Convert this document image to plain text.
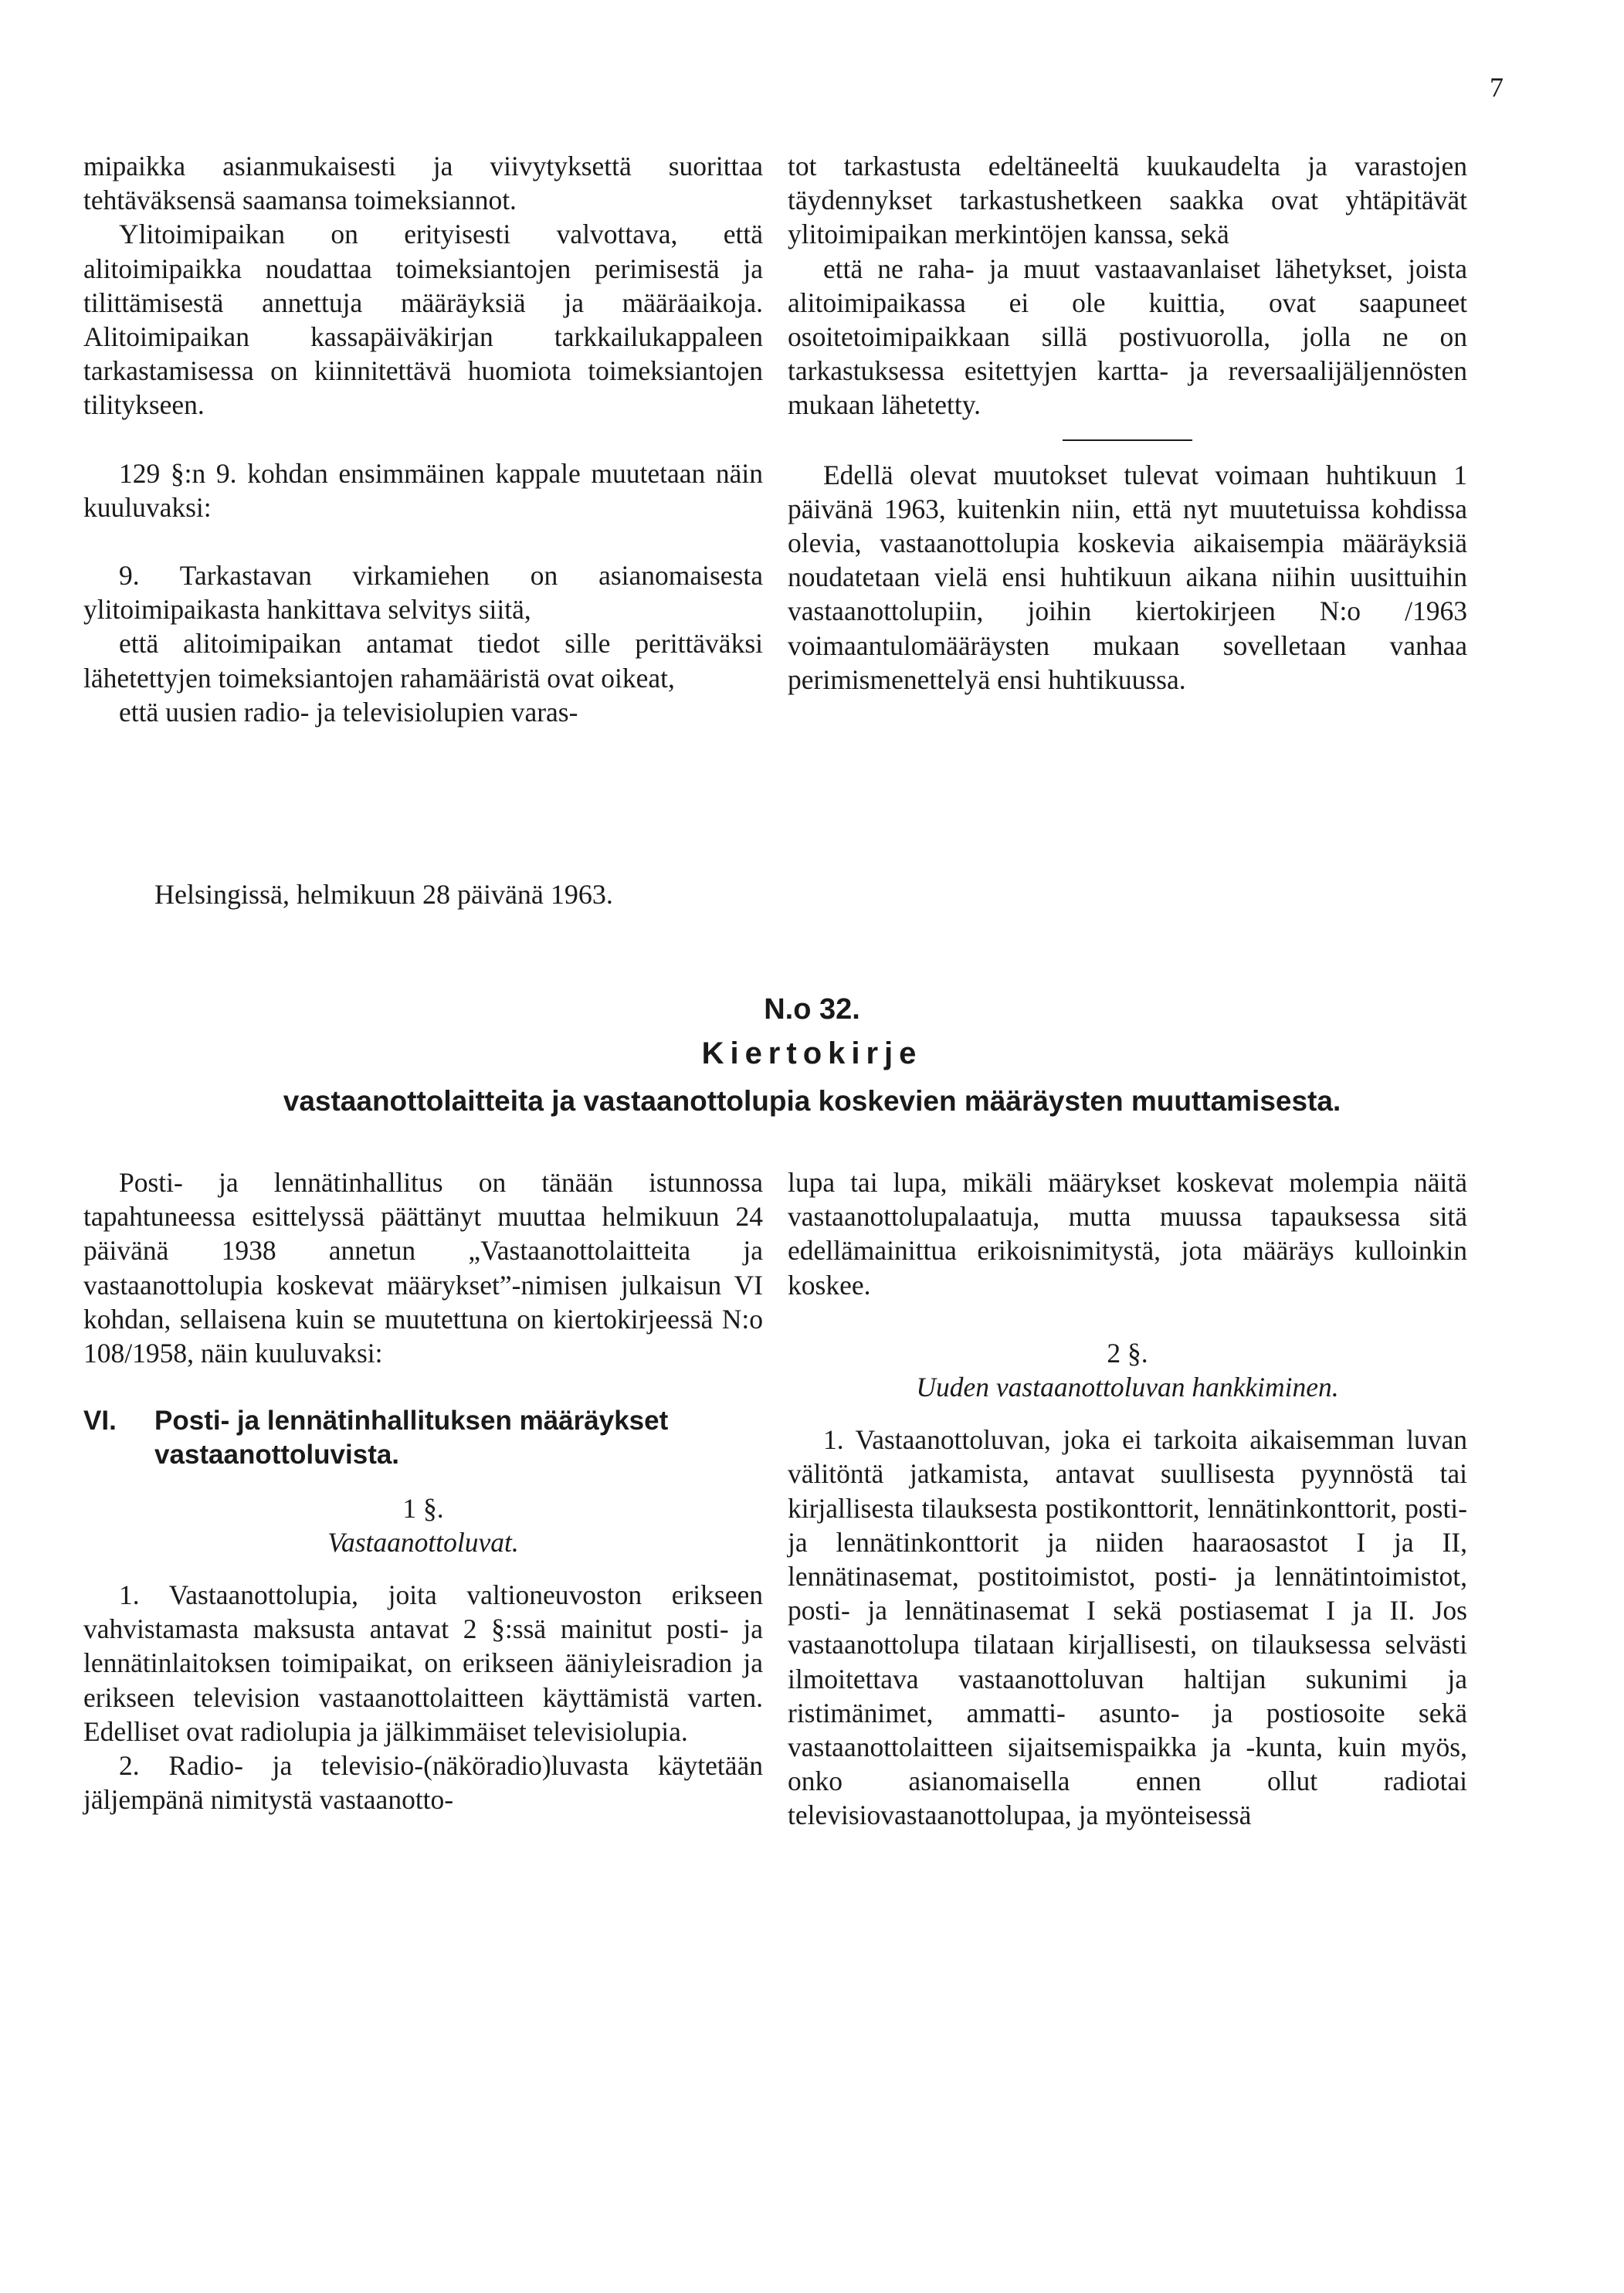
7

mipaikka asianmukaisesti ja viivytyksettä suorittaa tehtäväksensä saamansa toimeksiannot.

Ylitoimipaikan on erityisesti valvottava, että alitoimipaikka noudattaa toimeksiantojen perimisestä ja tilittämisestä annettuja määräyksiä ja määräaikoja. Alitoimipaikan kassapäiväkirjan tarkkailukappaleen tarkastamisessa on kiinnitettävä huomiota toimeksiantojen tilitykseen.

129 §:n 9. kohdan ensimmäinen kappale muutetaan näin kuuluvaksi:

9. Tarkastavan virkamiehen on asianomaisesta ylitoimipaikasta hankittava selvitys siitä,

että alitoimipaikan antamat tiedot sille perittäväksi lähetettyjen toimeksiantojen rahamääristä ovat oikeat,

että uusien radio- ja televisiolupien varas-

tot tarkastusta edeltäneeltä kuukaudelta ja varastojen täydennykset tarkastushetkeen saakka ovat yhtäpitävät ylitoimipaikan merkintöjen kanssa, sekä

että ne raha- ja muut vastaavanlaiset lähetykset, joista alitoimipaikassa ei ole kuittia, ovat saapuneet osoitetoimipaikkaan sillä postivuorolla, jolla ne on tarkastuksessa esitettyjen kartta- ja reversaalijäljennösten mukaan lähetetty.

Edellä olevat muutokset tulevat voimaan huhtikuun 1 päivänä 1963, kuitenkin niin, että nyt muutetuissa kohdissa olevia, vastaanottolupia koskevia aikaisempia määräyksiä noudatetaan vielä ensi huhtikuun aikana niihin uusittuihin vastaanottolupiin, joihin kiertokirjeen N:o /1963 voimaantulomääräysten mukaan sovelletaan vanhaa perimismenettelyä ensi huhtikuussa.

Helsingissä, helmikuun 28 päivänä 1963.
N.o 32.
Kiertokirje
vastaanottolaitteita ja vastaanottolupia koskevien määräysten muuttamisesta.

Posti- ja lennätinhallitus on tänään istunnossa tapahtuneessa esittelyssä päättänyt muuttaa helmikuun 24 päivänä 1938 annetun „Vastaanottolaitteita ja vastaanottolupia koskevat määrykset”-nimisen julkaisun VI kohdan, sellaisena kuin se muutettuna on kiertokirjeessä N:o 108/1958, näin kuuluvaksi:

VI. Posti- ja lennätinhallituksen määräykset vastaanottoluvista.

1 §.

Vastaanottoluvat.

1. Vastaanottolupia, joita valtioneuvoston erikseen vahvistamasta maksusta antavat 2 §:ssä mainitut posti- ja lennätinlaitoksen toimipaikat, on erikseen ääniyleisradion ja erikseen television vastaanottolaitteen käyttämistä varten. Edelliset ovat radiolupia ja jälkimmäiset televisiolupia.

2. Radio- ja televisio-(näköradio)luvasta käytetään jäljempänä nimitystä vastaanotto-

lupa tai lupa, mikäli määrykset koskevat molempia näitä vastaanottolupalaatuja, mutta muussa tapauksessa sitä edellämainittua erikoisnimitystä, jota määräys kulloinkin koskee.

2 §.

Uuden vastaanottoluvan hankkiminen.

1. Vastaanottoluvan, joka ei tarkoita aikaisemman luvan välitöntä jatkamista, antavat suullisesta pyynnöstä tai kirjallisesta tilauksesta postikonttorit, lennätinkonttorit, posti- ja lennätinkonttorit ja niiden haaraosastot I ja II, lennätinasemat, postitoimistot, posti- ja lennätintoimistot, posti- ja lennätinasemat I sekä postiasemat I ja II. Jos vastaanottolupa tilataan kirjallisesti, on tilauksessa selvästi ilmoitettava vastaanottoluvan haltijan sukunimi ja ristimänimet, ammatti- asunto- ja postiosoite sekä vastaanottolaitteen sijaitsemispaikka ja -kunta, kuin myös, onko asianomaisella ennen ollut radiotai televisiovastaanottolupaa, ja myönteisessä
